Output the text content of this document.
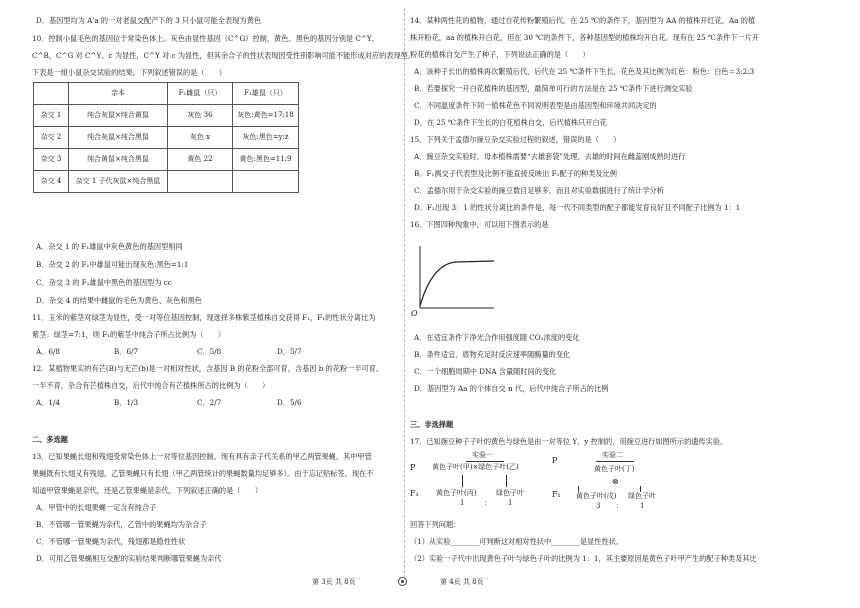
D．基因型均为 A'a 的一对老鼠交配产下的 3 只小鼠可能全表现为黄色
10．控制小鼠毛色的基因位于常染色体上。灰色由显性基因（C^G）控制，黄色、黑色的基因分别是 C^Y、
C^B，C^G 对 C^Y、c 为显性，C^Y 对 c 为显性，但其余合子的性状表现因受性别影响可能不能形成对应的表现型。
下表是一组小鼠杂交试验的结果，下列叙述错误的是（　　）
	亲本	F₁雌鼠（只）	F₁雄鼠（只）
杂交 1	纯合灰鼠×纯合黄鼠	灰色 36	灰色:黄色=17:18
杂交 2	纯合灰鼠×纯合黑鼠	灰色 x	灰色:黑色=y:z
杂交 3	纯合黄鼠×纯合黑鼠	黄色 22	黄色:黑色=11:9
杂交 4	杂交 1 子代灰鼠×纯合黑鼠		
A．杂交 1 的 F₁雄鼠中灰色黄色的基因型相同
B．杂交 2 的 F₁中雄鼠可能出现灰色:黑色=1:1
C．杂交 3 的 F₁雄鼠中黑色的基因型为 cc
D．杂交 4 的结果中雌鼠的毛色为黄色、灰色和黑色
11．玉米的紫茎对绿茎为显性，受一对等位基因控制，现选择多株紫茎植株自交获得 F₁，F₁的性状分离比为
紫茎：绿茎=7:1，则 F₁的紫茎中纯合子所占比例为（　　）
A．6/8	B．6/7	C．5/8	D．5/7
12．某植物果实的有芒(B)与无芒(b)是一对相对性状，含基因 B 的花粉全部可育，含基因 b 的花粉一半可育、
一半不育，杂合有芒植株自交，后代中纯合有芒植株所占的比例为（　　）
A．1/4	B．1/3	C．2/7	D．5/6
二、多选题
13．已知果蝇长翅和残翅受常染色体上一对等位基因控制。现有具有亲子代关系的甲乙两管果蝇，其中甲管
果蝇既有长翅又有残翅，乙管果蝇只有长翅（甲乙两管统计的果蝇数量均足够多）。由于忘记贴标签，现在不
知道甲管果蝇是亲代，还是乙管果蝇是亲代，下列叙述正确的是（　　）
A．甲管中的长翅果蝇一定含有纯合子
B．不管哪一管果蝇为亲代，乙管中的果蝇均为杂合子
C．不管哪一管果蝇为亲代，残翅都是隐性性状
D．可用乙管果蝇相互交配的实验结果判断哪管果蝇为亲代
第 3页 共 8页	第 4页 共 8页
14．某种两性花的植物，通过自花传粉繁殖后代。在 25 ℃的条件下，基因型为 AA 的植株开红花，Aa 的植
株开粉花，aa 的植株开白花，但在 30 ℃的条件下，各种基因型的植株均开白花。现有在 25 ℃条件下一片开
粉花的植株自交产生了种子，下列说法正确的是（　　）
A．该种子长出的植株再次繁殖后代，后代在 25 ℃条件下生长，花色及其比例为红色：粉色：白色＝3:2:3
B．若要探究一开白花植株的基因型，最简单可行的方法是在 25 ℃条件下进行测交实验
C．不同温度条件下同一植株花色不同说明表型是由基因型和环境共同决定的
D．在 25 ℃条件下生长的白花植株自交，后代植株只开白花
15．下列关于孟德尔豌豆杂交实验过程的叙述，错误的是（　　）
A．豌豆杂交实验时，母本植株需要“去雄套袋”处理，去雄的时间在雌蕊刚成熟时进行
B．F₁测交子代表型及比例不能直接反映出 F₁配子的种类及比例
C．孟德尔用于杂交实验的豌豆数目足够多，而且对实验数据进行了统计学分析
D．F₂出现 3：1 的性状分离比的条件是，每一代不同类型的配子都能发育良好且不同配子比例为 1：1
16．下图四种现象中，可以用下图表示的是
O
A．在适宜条件下净光合作用强度随 CO₂浓度的变化
B．条件适宜、底物充足时反应速率随酶量的变化
C．一个细胞周期中 DNA 含量随时间的变化
D．基因型为 Aa 的个体自交 n 代，后代中纯合子所占的比例
三、非选择题
17．已知豌豆种子子叶的黄色与绿色是由一对等位 Y、y 控制的，用豌豆进行如图所示的遗传实验。
实验一
P 黄色子叶(甲)×绿色子叶(乙)
F₁ 黄色子叶(丙)	绿色子叶
1	： 1
实验二
P
黄色子叶(丁)
⊗
F₁ 黄色子叶(戊) 绿色子叶
3 ： 1
回答下列问题：
（1）从实验________可判断这对相对性状中________是显性性状。
（2）实验一子代中出现黄色子叶与绿色子叶的比例为 1：1，其主要原因是黄色子叶甲产生的配子种类及其比
